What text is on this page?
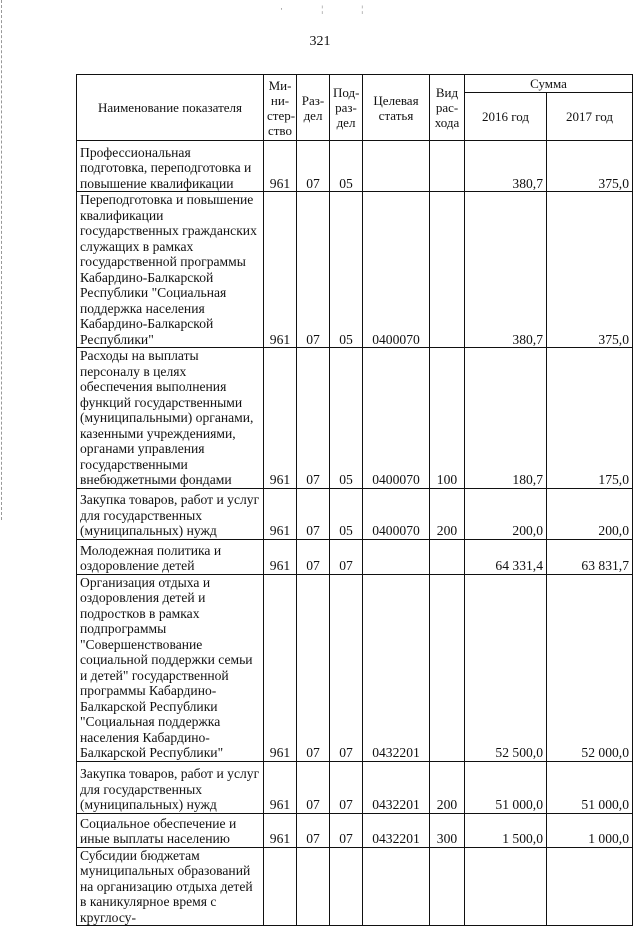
· ¦ ¦
321
Наименование показателя	Ми-ни-стер-ство	Раз-дел	Под-раз-дел	Целевая статья	Вид рас-хода	Сумма	
						2016 год	2017 год
Профессиональная подготовка, переподготовка и повышение квалификации	961	07	05			380,7	375,0
Переподготовка и повышение квалификации государственных гражданских служащих в рамках государственной программы Кабардино-Балкарской Республики "Социальная поддержка населения Кабардино-Балкарской Республики"	961	07	05	0400070		380,7	375,0
Расходы на выплаты персоналу в целях обеспечения выполнения функций государственными (муниципальными) органами, казенными учреждениями, органами управления государственными внебюджетными фондами	961	07	05	0400070	100	180,7	175,0
Закупка товаров, работ и услуг для государственных (муниципальных) нужд	961	07	05	0400070	200	200,0	200,0
Молодежная политика и оздоровление детей	961	07	07			64 331,4	63 831,7
Организация отдыха и оздоровления детей и подростков в рамках подпрограммы "Совершенствование социальной поддержки семьи и детей" государственной программы Кабардино-Балкарской Республики "Социальная поддержка населения Кабардино-Балкарской Республики"	961	07	07	0432201		52 500,0	52 000,0
Закупка товаров, работ и услуг для государственных (муниципальных) нужд	961	07	07	0432201	200	51 000,0	51 000,0
Социальное обеспечение и иные выплаты населению	961	07	07	0432201	300	1 500,0	1 000,0
Субсидии бюджетам муниципальных образований на организацию отдыха детей в каникулярное время с круглосу-							
